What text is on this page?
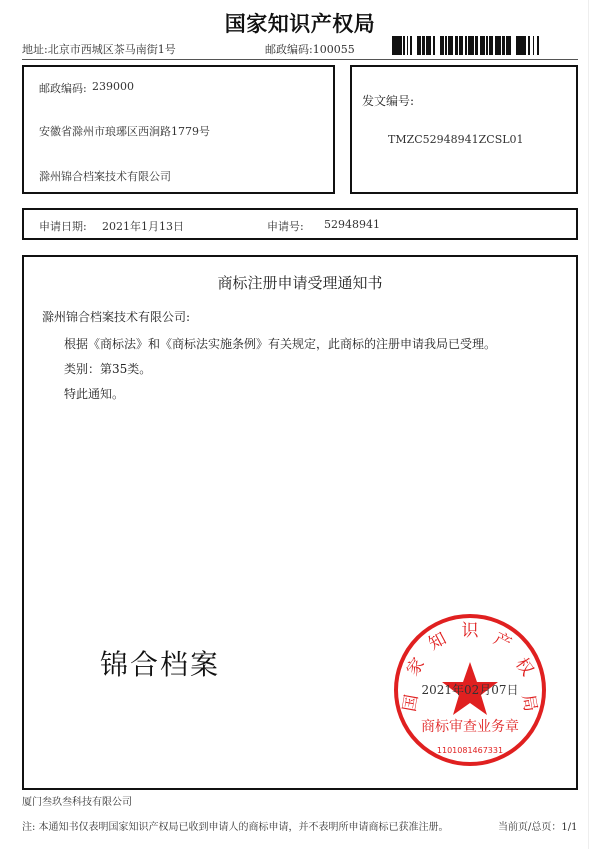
国家知识产权局
地址:北京市西城区茶马南街1号	邮政编码:100055
邮政编码: 239000
安徽省滁州市琅琊区西涧路1779号
滁州锦合档案技术有限公司
发文编号:
TMZC52948941ZCSL01
申请日期: 2021年1月13日	申请号: 52948941
商标注册申请受理通知书
滁州锦合档案技术有限公司:
根据《商标法》和《商标法实施条例》有关规定，此商标的注册申请我局已受理。
类别：第35类。
特此通知。
锦合档案
国
家
知 识 产
权
局
商标审查业务章
1101081467331
2021年02月07日
厦门叁玖叁科技有限公司
注: 本通知书仅表明国家知识产权局已收到申请人的商标申请，并不表明所申请商标已获准注册。	当前页/总页：1/1
